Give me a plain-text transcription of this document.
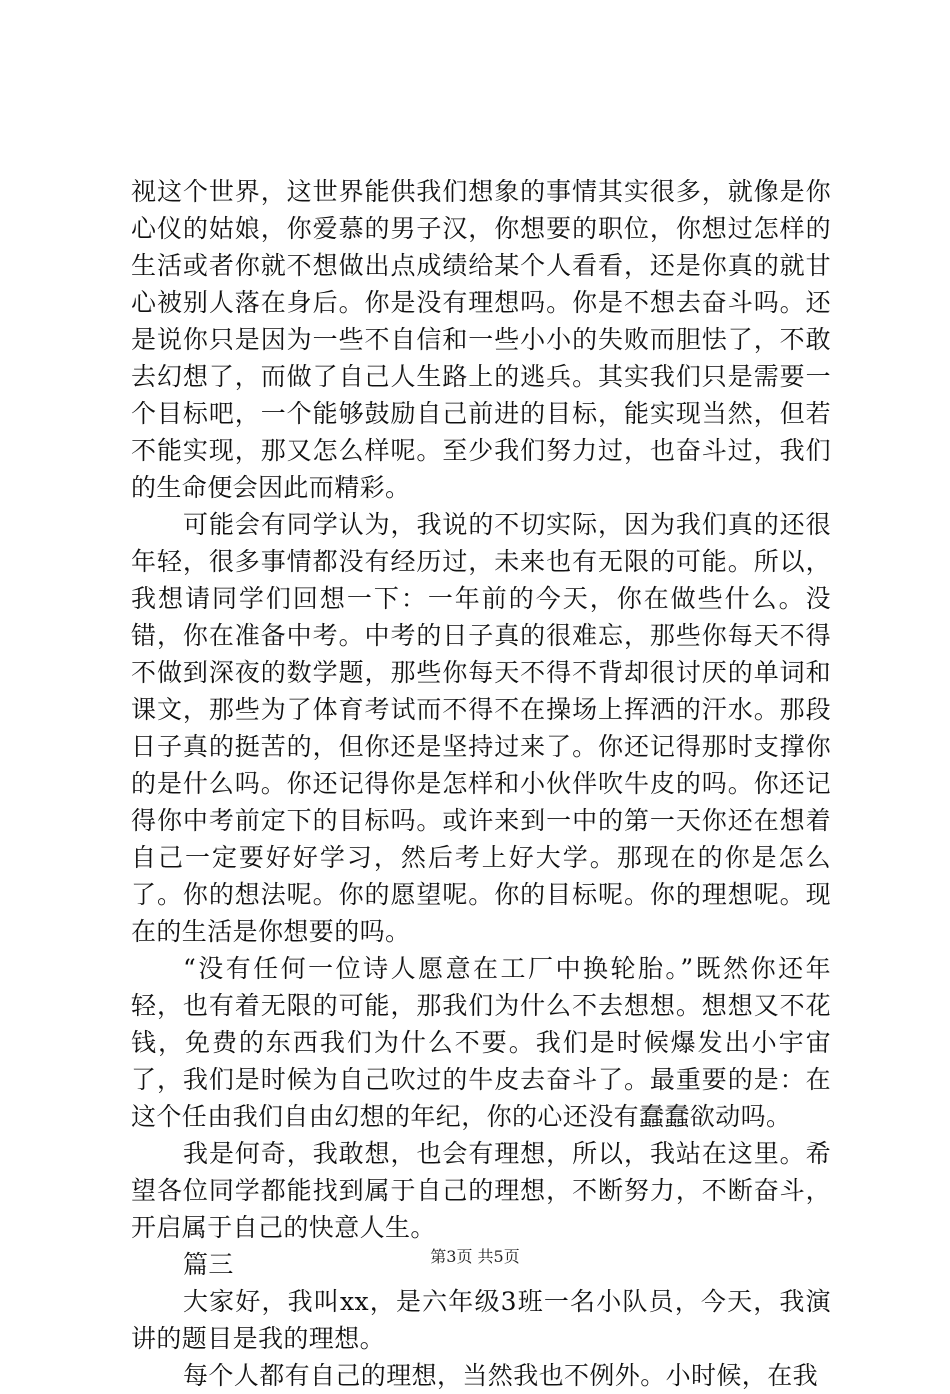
视这个世界，这世界能供我们想象的事情其实很多，就像是你心仪的姑娘，你爱慕的男子汉，你想要的职位，你想过怎样的生活或者你就不想做出点成绩给某个人看看，还是你真的就甘心被别人落在身后。你是没有理想吗。你是不想去奋斗吗。还是说你只是因为一些不自信和一些小小的失败而胆怯了，不敢去幻想了，而做了自己人生路上的逃兵。其实我们只是需要一个目标吧，一个能够鼓励自己前进的目标，能实现当然，但若不能实现，那又怎么样呢。至少我们努力过，也奋斗过，我们的生命便会因此而精彩。

可能会有同学认为，我说的不切实际，因为我们真的还很年轻，很多事情都没有经历过，未来也有无限的可能。所以，我想请同学们回想一下：一年前的今天，你在做些什么。没错，你在准备中考。中考的日子真的很难忘，那些你每天不得不做到深夜的数学题，那些你每天不得不背却很讨厌的单词和课文，那些为了体育考试而不得不在操场上挥洒的汗水。那段日子真的挺苦的，但你还是坚持过来了。你还记得那时支撑你的是什么吗。你还记得你是怎样和小伙伴吹牛皮的吗。你还记得你中考前定下的目标吗。或许来到一中的第一天你还在想着自己一定要好好学习，然后考上好大学。那现在的你是怎么了。你的想法呢。你的愿望呢。你的目标呢。你的理想呢。现在的生活是你想要的吗。

“没有任何一位诗人愿意在工厂中换轮胎。”既然你还年轻，也有着无限的可能，那我们为什么不去想想。想想又不花钱，免费的东西我们为什么不要。我们是时候爆发出小宇宙了，我们是时候为自己吹过的牛皮去奋斗了。最重要的是：在这个任由我们自由幻想的年纪，你的心还没有蠢蠢欲动吗。

我是何奇，我敢想，也会有理想，所以，我站在这里。希望各位同学都能找到属于自己的理想，不断努力，不断奋斗，开启属于自己的快意人生。

篇三

大家好，我叫xx，是六年级3班一名小队员，今天，我演讲的题目是我的理想。

每个人都有自己的理想，当然我也不例外。小时候，在我

第3页 共5页
